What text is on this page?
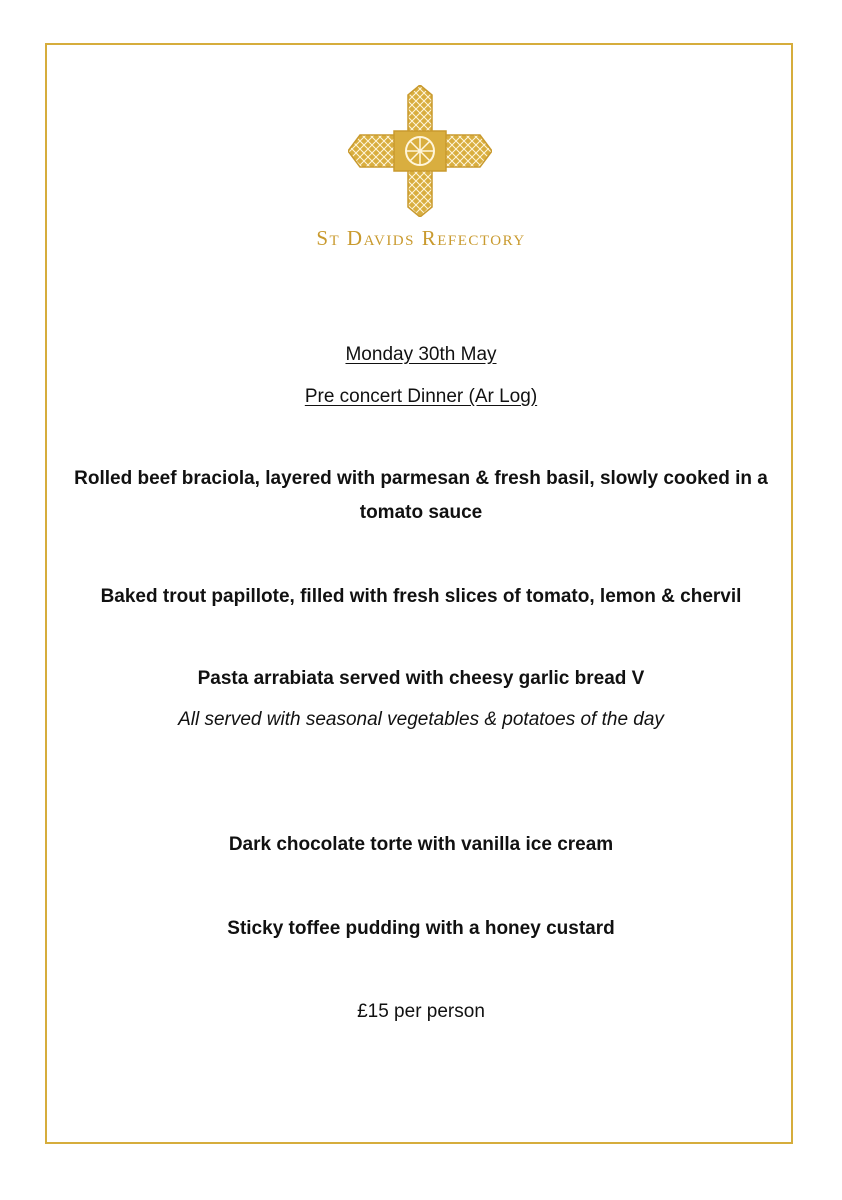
St Davids Refectory
Monday 30th May
Pre concert Dinner (Ar Log)
Rolled beef braciola, layered with parmesan & fresh basil, slowly cooked in a tomato sauce
Baked trout papillote, filled with fresh slices of tomato, lemon & chervil
Pasta arrabiata served with cheesy garlic bread V
All served with seasonal vegetables & potatoes of the day
Dark chocolate torte with vanilla ice cream
Sticky toffee pudding with a honey custard
£15 per person
